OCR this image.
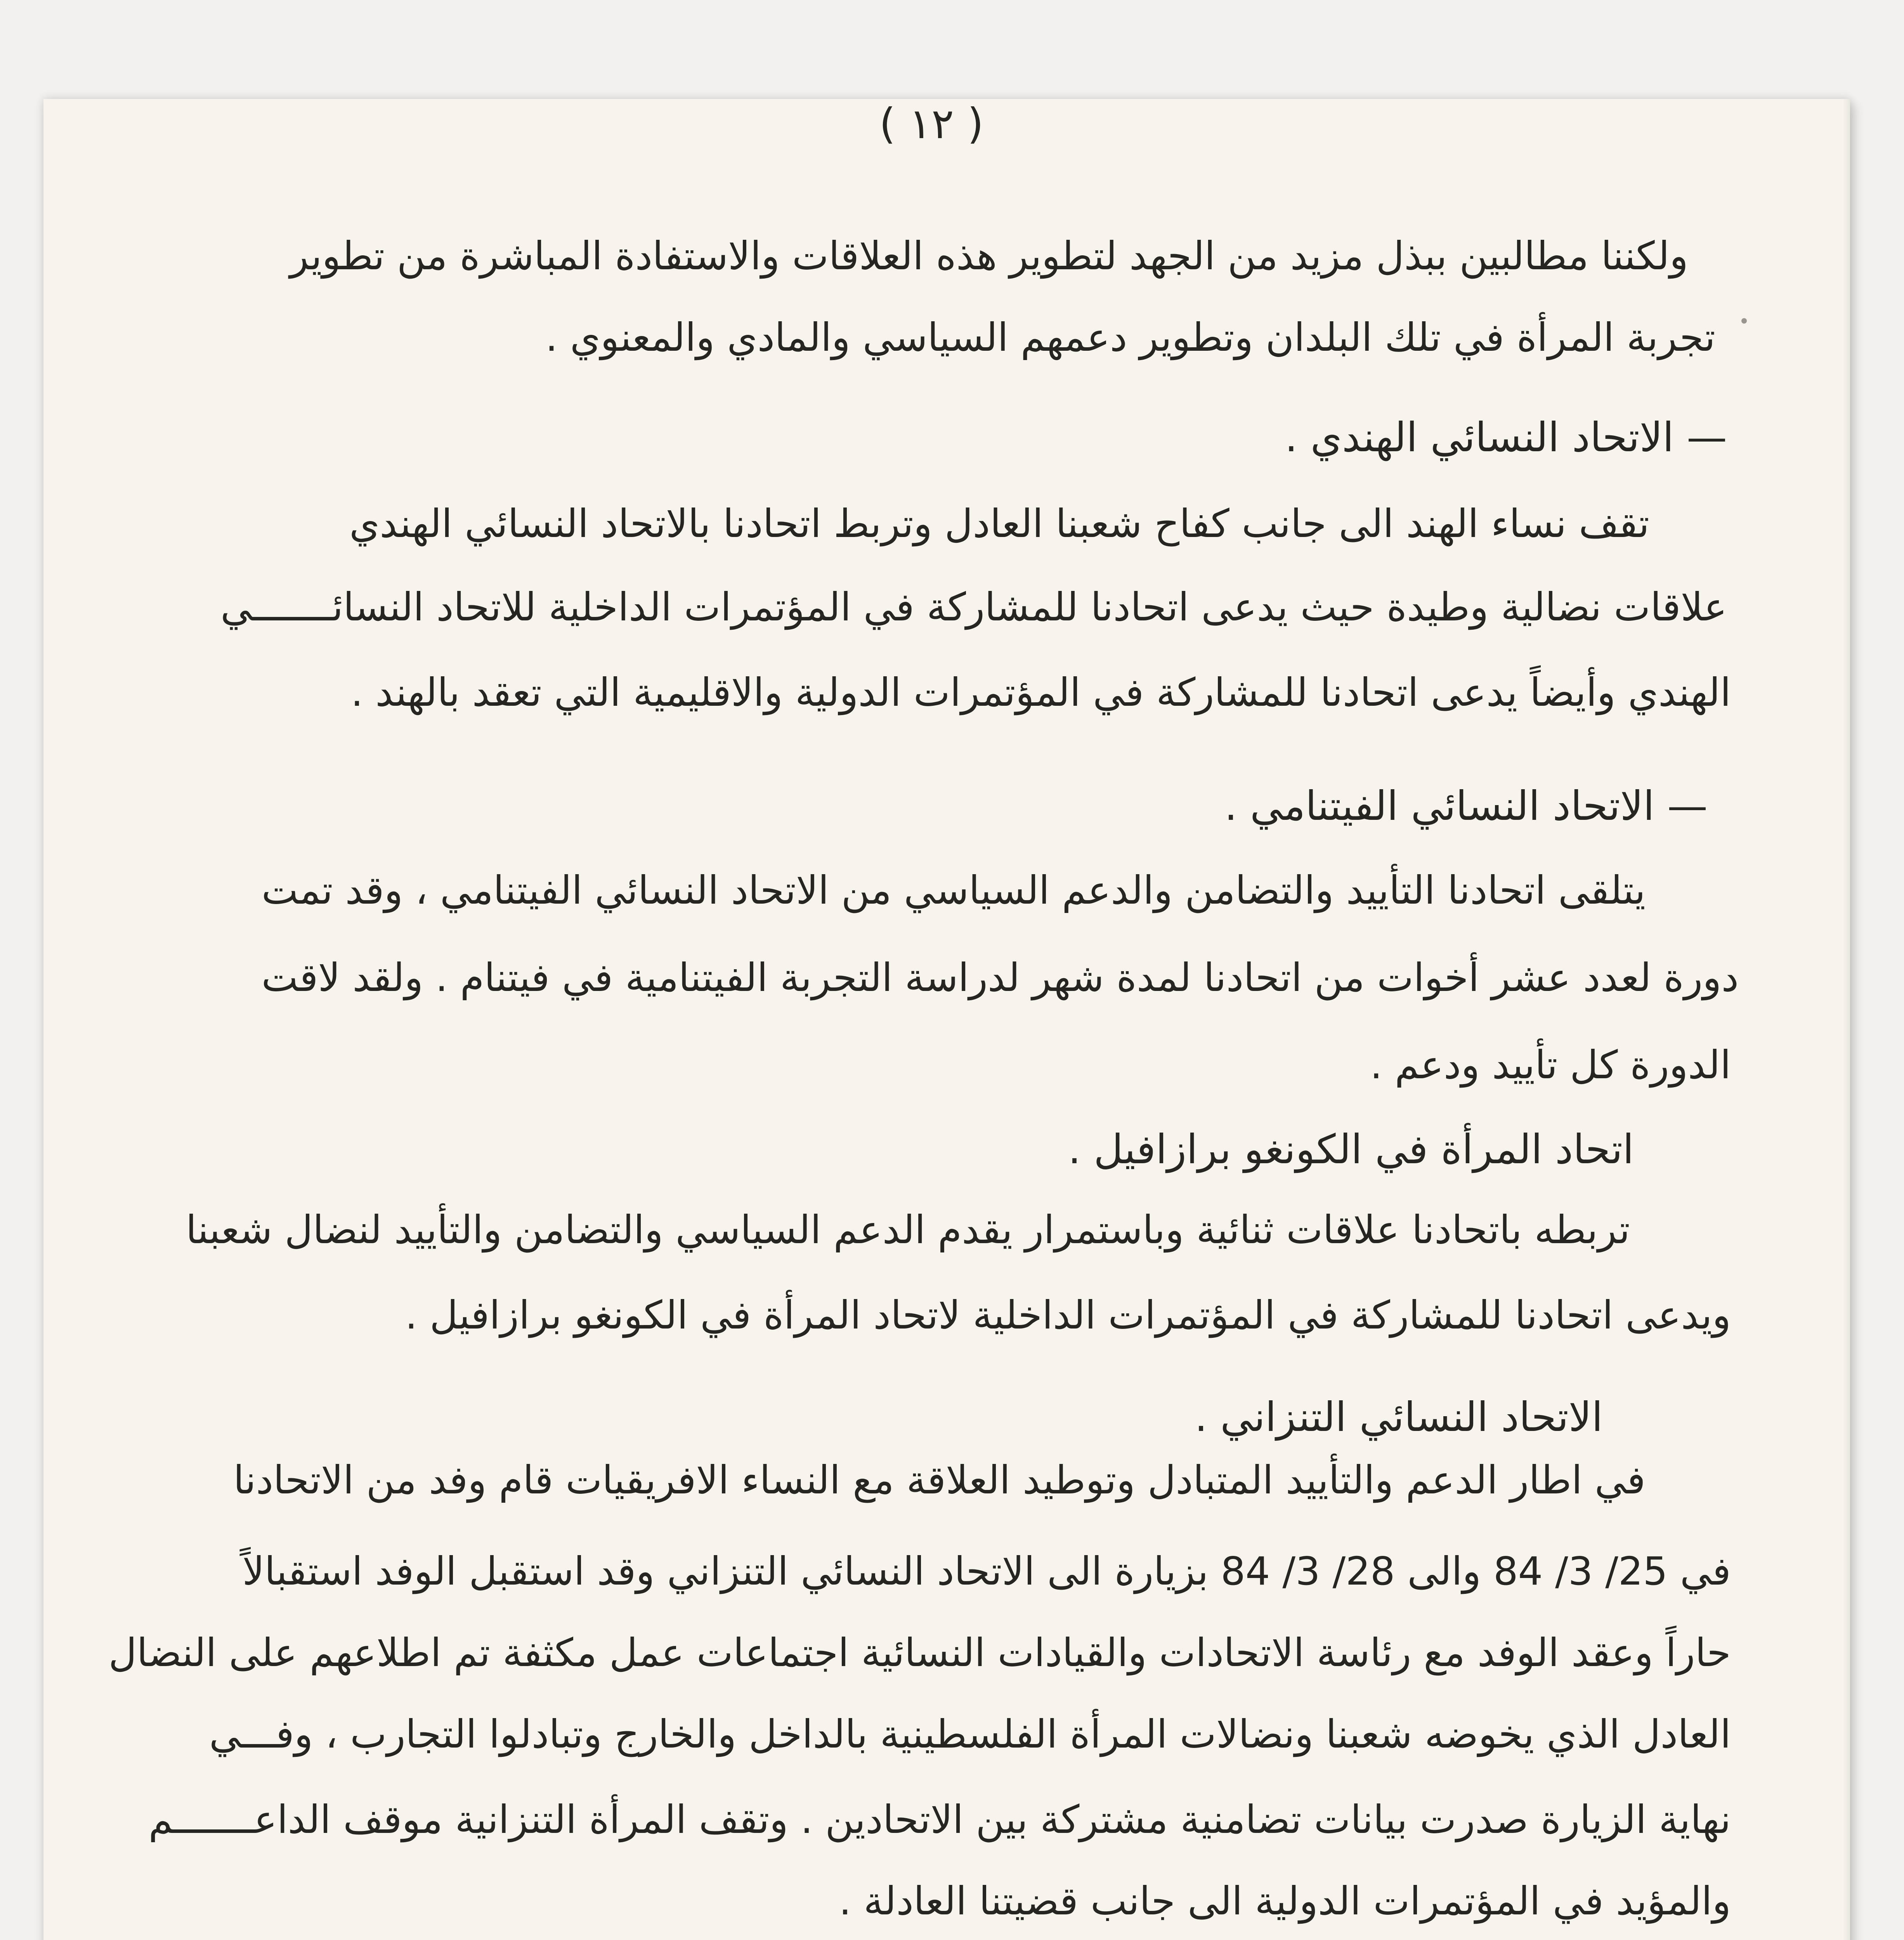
( ١٢ )
ولكننا مطالبين ببذل مزيد من الجهد لتطوير هذه العلاقات والاستفادة المباشرة من تطوير
تجربة المرأة في تلك البلدان وتطوير دعمهم السياسي والمادي والمعنوي .
— الاتحاد النسائي الهندي .
تقف نساء الهند الى جانب كفاح شعبنا العادل وتربط اتحادنا بالاتحاد النسائي الهندي
علاقات نضالية وطيدة حيث يدعى اتحادنا للمشاركة في المؤتمرات الداخلية للاتحاد النسائـــــــي
الهندي وأيضاً يدعى اتحادنا للمشاركة في المؤتمرات الدولية والاقليمية التي تعقد بالهند .
— الاتحاد النسائي الفيتنامي .
يتلقى اتحادنا التأييد والتضامن والدعم السياسي من الاتحاد النسائي الفيتنامي ، وقد تمت
دورة لعدد عشر أخوات من اتحادنا لمدة شهر لدراسة التجربة الفيتنامية في فيتنام . ولقد لاقت
الدورة كل تأييد ودعم .
اتحاد المرأة في الكونغو برازافيل .
تربطه باتحادنا علاقات ثنائية وباستمرار يقدم الدعم السياسي والتضامن والتأييد لنضال شعبنا
ويدعى اتحادنا للمشاركة في المؤتمرات الداخلية لاتحاد المرأة في الكونغو برازافيل .
الاتحاد النسائي التنزاني .
في اطار الدعم والتأييد المتبادل وتوطيد العلاقة مع النساء الافريقيات قام وفد من الاتحادنا
في 25/ 3/ 84 والى 28/ 3/ 84 بزيارة الى الاتحاد النسائي التنزاني وقد استقبل الوفد استقبالاً
حاراً وعقد الوفد مع رئاسة الاتحادات والقيادات النسائية اجتماعات عمل مكثفة تم اطلاعهم على النضال
العادل الذي يخوضه شعبنا ونضالات المرأة الفلسطينية بالداخل والخارج وتبادلوا التجارب ، وفـــي
نهاية الزيارة صدرت بيانات تضامنية مشتركة بين الاتحادين . وتقف المرأة التنزانية موقف الداعـــــــم
والمؤيد في المؤتمرات الدولية الى جانب قضيتنا العادلة .
